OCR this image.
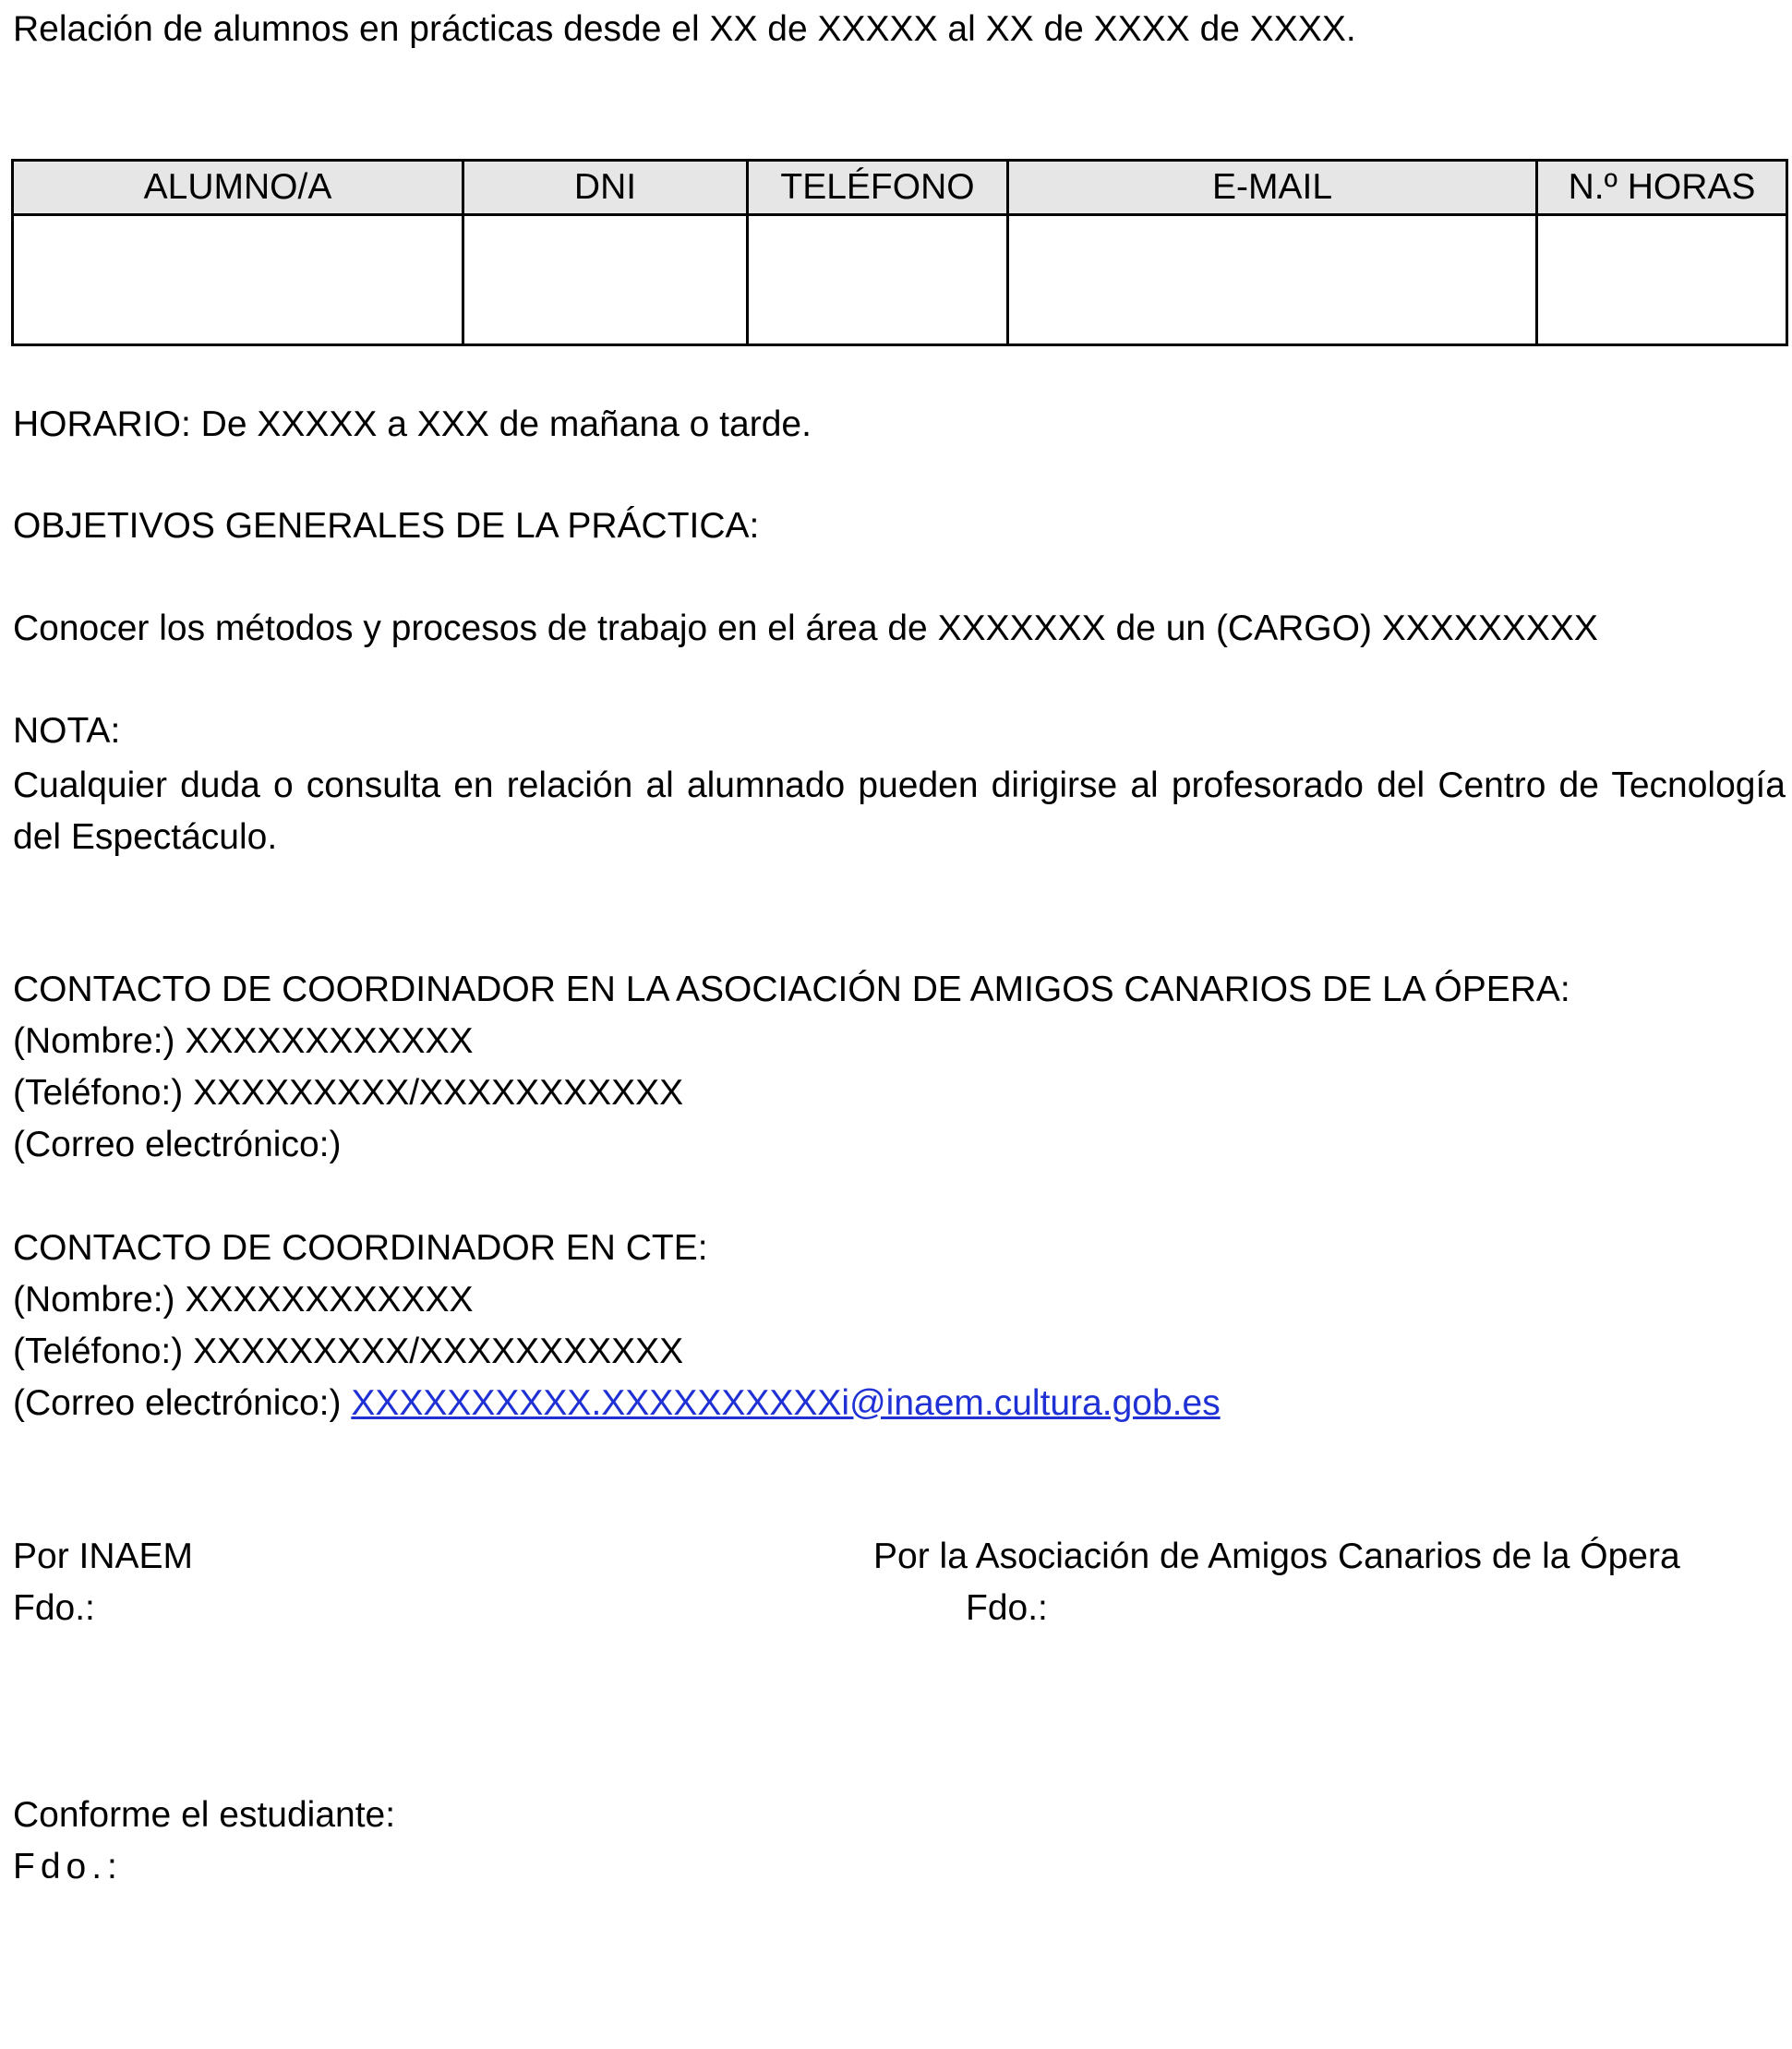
Relación de alumnos en prácticas desde el XX de XXXXX al XX de XXXX de XXXX.
ALUMNO/A	DNI	TELÉFONO	E-MAIL	N.º HORAS

HORARIO: De XXXXX a XXX de mañana o tarde.
OBJETIVOS GENERALES DE LA PRÁCTICA:
Conocer los métodos y procesos de trabajo en el área de XXXXXXX de un (CARGO) XXXXXXXXX
NOTA:
Cualquier duda o consulta en relación al alumnado pueden dirigirse al profesorado del Centro de Tecnología del Espectáculo.
CONTACTO DE COORDINADOR EN LA ASOCIACIÓN DE AMIGOS CANARIOS DE LA ÓPERA:
(Nombre:) XXXXXXXXXXXX
(Teléfono:) XXXXXXXXX/XXXXXXXXXXX
(Correo electrónico:)
CONTACTO DE COORDINADOR EN CTE:
(Nombre:) XXXXXXXXXXXX
(Teléfono:) XXXXXXXXX/XXXXXXXXXXX
(Correo electrónico:) XXXXXXXXXX.XXXXXXXXXXi@inaem.cultura.gob.es
Por INAEM
Fdo.:
Por la Asociación de Amigos Canarios de la Ópera
Fdo.:
Conforme el estudiante:
Fdo.:
